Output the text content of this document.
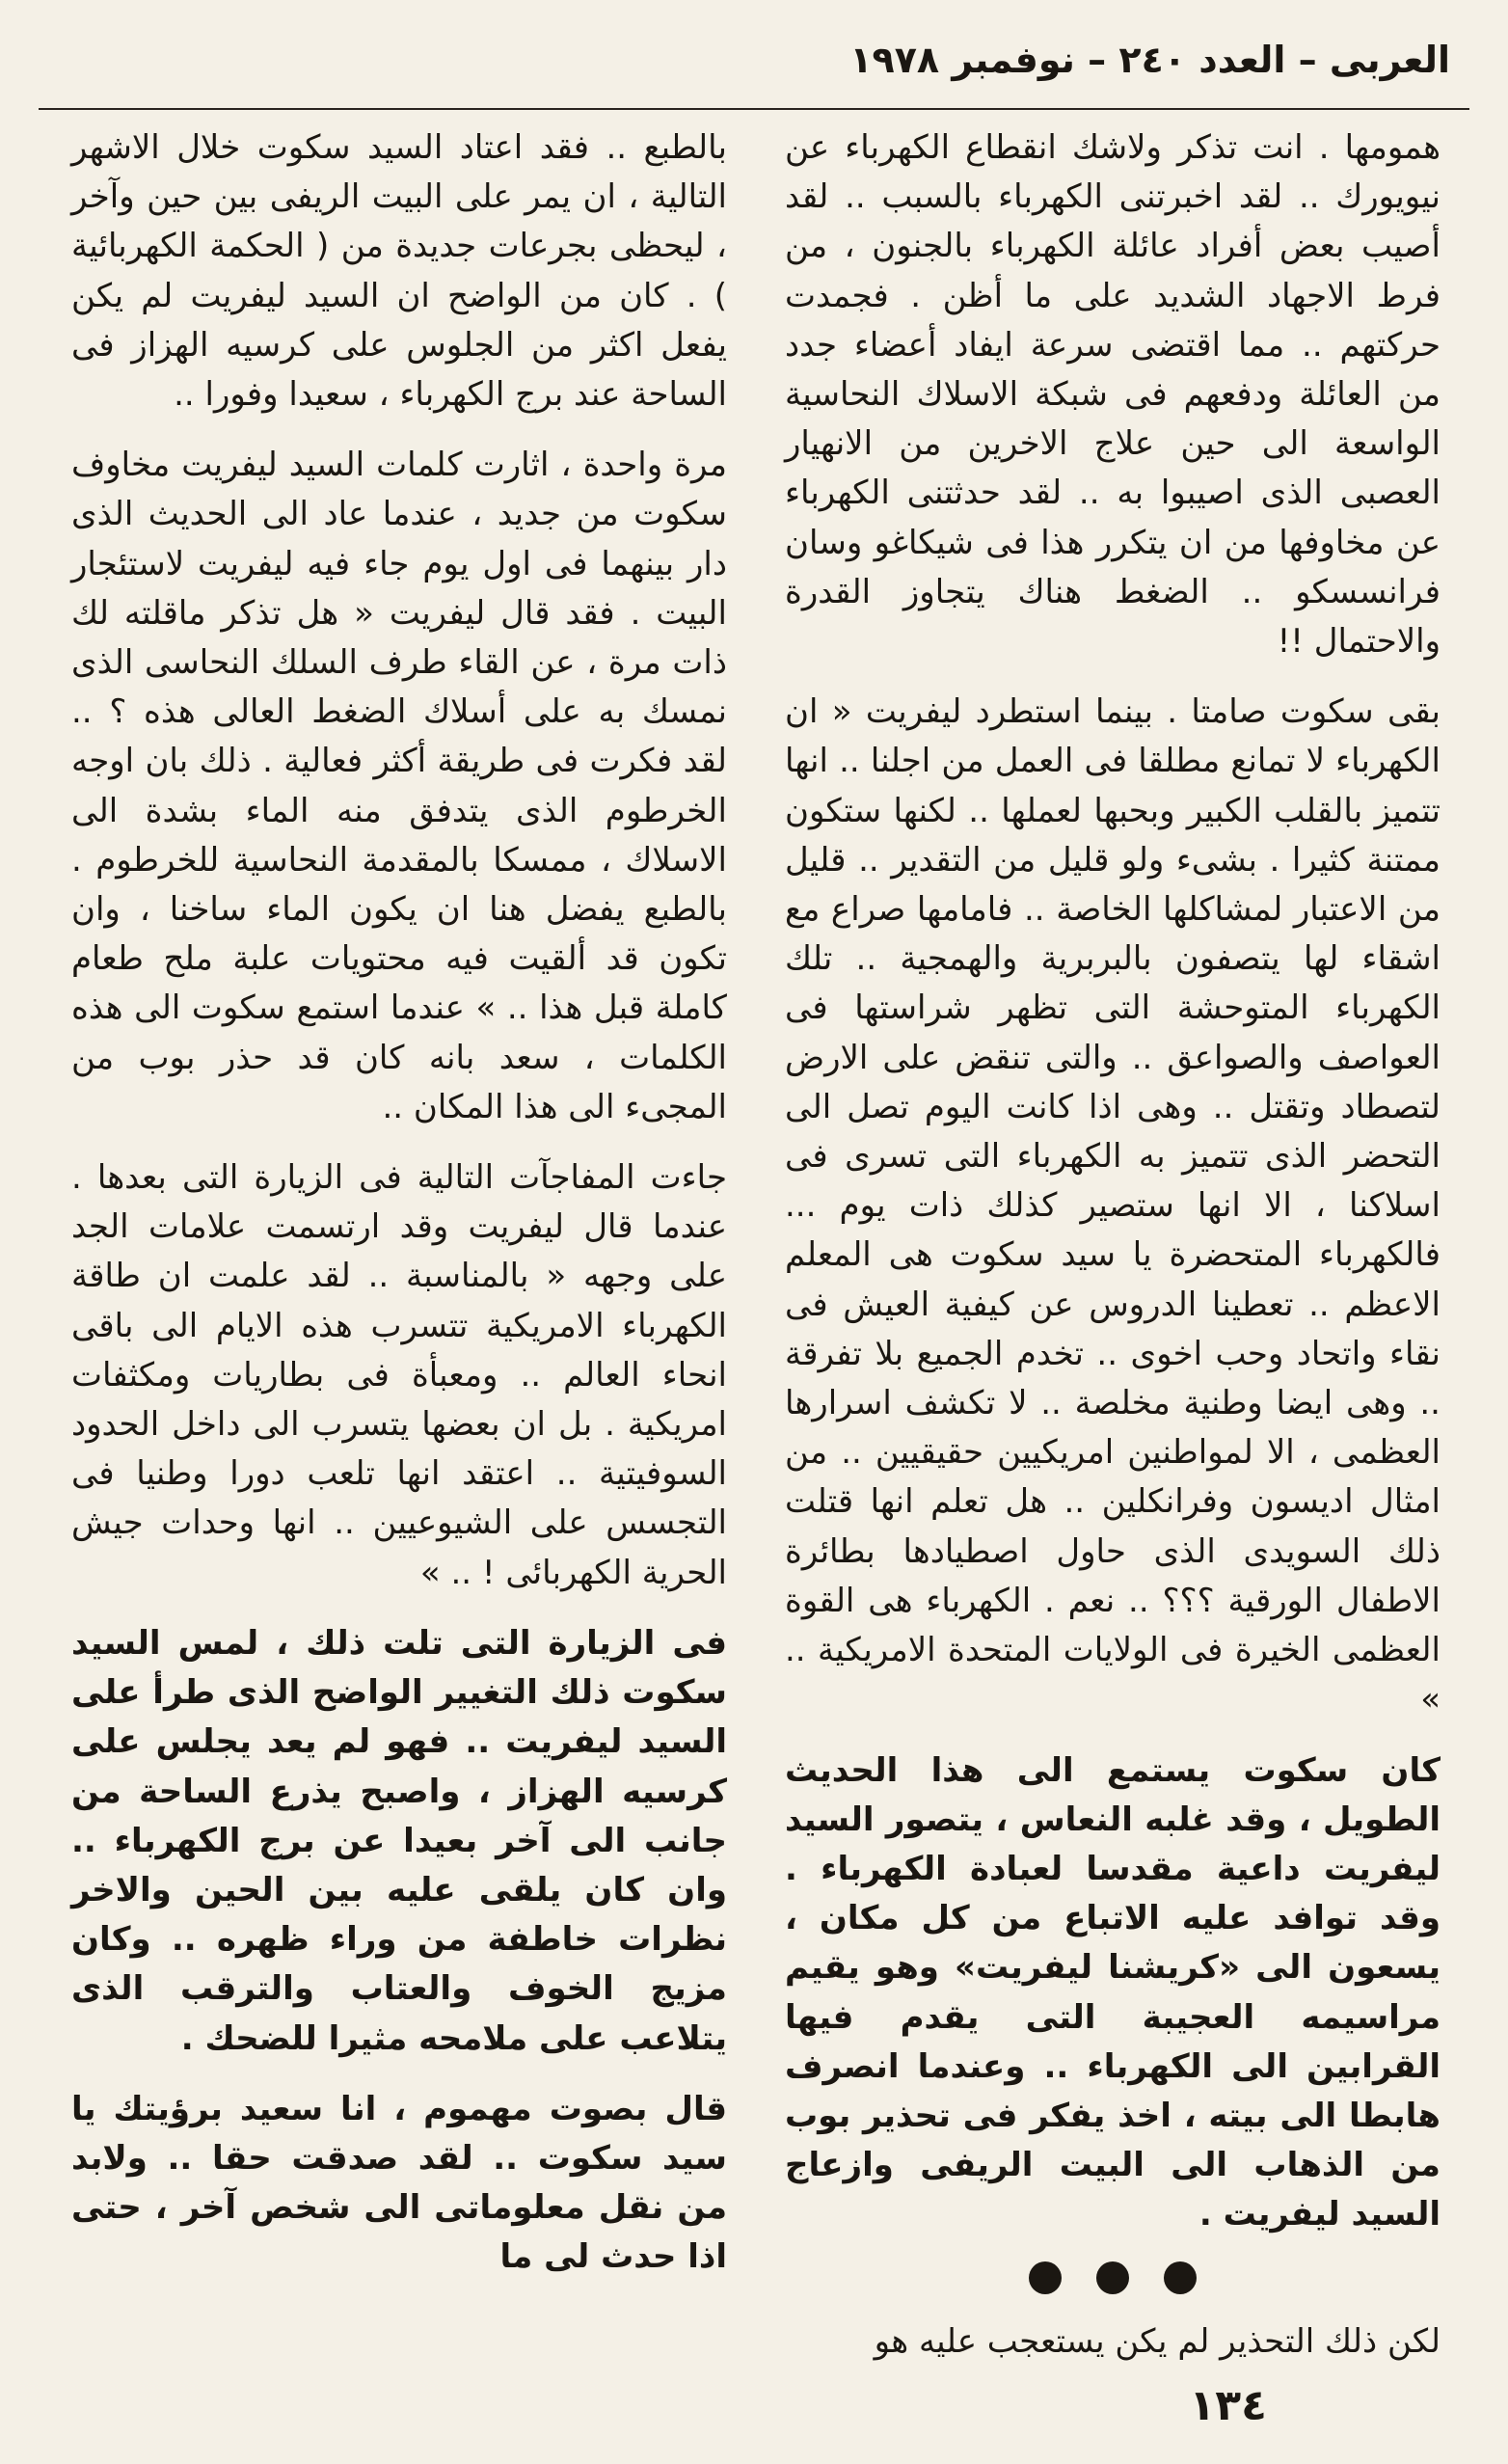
العربى – العدد ٢٤٠ – نوفمبر ١٩٧٨

همومها . انت تذكر ولاشك انقطاع الكهرباء عن نيويورك .. لقد اخبرتنى الكهرباء بالسبب .. لقد أصيب بعض أفراد عائلة الكهرباء بالجنون ، من فرط الاجهاد الشديد على ما أظن . فجمدت حركتهم .. مما اقتضى سرعة ايفاد أعضاء جدد من العائلة ودفعهم فى شبكة الاسلاك النحاسية الواسعة الى حين علاج الاخرين من الانهيار العصبى الذى اصيبوا به .. لقد حدثتنى الكهرباء عن مخاوفها من ان يتكرر هذا فى شيكاغو وسان فرانسسكو .. الضغط هناك يتجاوز القدرة والاحتمال !!

بقى سكوت صامتا . بينما استطرد ليفريت « ان الكهرباء لا تمانع مطلقا فى العمل من اجلنا .. انها تتميز بالقلب الكبير وبحبها لعملها .. لكنها ستكون ممتنة كثيرا . بشىء ولو قليل من التقدير .. قليل من الاعتبار لمشاكلها الخاصة .. فامامها صراع مع اشقاء لها يتصفون بالبربرية والهمجية .. تلك الكهرباء المتوحشة التى تظهر شراستها فى العواصف والصواعق .. والتى تنقض على الارض لتصطاد وتقتل .. وهى اذا كانت اليوم تصل الى التحضر الذى تتميز به الكهرباء التى تسرى فى اسلاكنا ، الا انها ستصير كذلك ذات يوم ... فالكهرباء المتحضرة يا سيد سكوت هى المعلم الاعظم .. تعطينا الدروس عن كيفية العيش فى نقاء واتحاد وحب اخوى .. تخدم الجميع بلا تفرقة .. وهى ايضا وطنية مخلصة .. لا تكشف اسرارها العظمى ، الا لمواطنين امريكيين حقيقيين .. من امثال اديسون وفرانكلين .. هل تعلم انها قتلت ذلك السويدى الذى حاول اصطيادها بطائرة الاطفال الورقية ؟؟؟ .. نعم . الكهرباء هى القوة العظمى الخيرة فى الولايات المتحدة الامريكية .. »

كان سكوت يستمع الى هذا الحديث الطويل ، وقد غلبه النعاس ، يتصور السيد ليفريت داعية مقدسا لعبادة الكهرباء . وقد توافد عليه الاتباع من كل مكان ، يسعون الى «كريشنا ليفريت» وهو يقيم مراسيمه العجيبة التى يقدم فيها القرابين الى الكهرباء .. وعندما انصرف هابطا الى بيته ، اخذ يفكر فى تحذير بوب من الذهاب الى البيت الريفى وازعاج السيد ليفريت .

لكن ذلك التحذير لم يكن يستعجب عليه هو

بالطبع .. فقد اعتاد السيد سكوت خلال الاشهر التالية ، ان يمر على البيت الريفى بين حين وآخر ، ليحظى بجرعات جديدة من ( الحكمة الكهربائية ) . كان من الواضح ان السيد ليفريت لم يكن يفعل اكثر من الجلوس على كرسيه الهزاز فى الساحة عند برج الكهرباء ، سعيدا وفورا ..

مرة واحدة ، اثارت كلمات السيد ليفريت مخاوف سكوت من جديد ، عندما عاد الى الحديث الذى دار بينهما فى اول يوم جاء فيه ليفريت لاستئجار البيت . فقد قال ليفريت « هل تذكر ماقلته لك ذات مرة ، عن القاء طرف السلك النحاسى الذى نمسك به على أسلاك الضغط العالى هذه ؟ .. لقد فكرت فى طريقة أكثر فعالية . ذلك بان اوجه الخرطوم الذى يتدفق منه الماء بشدة الى الاسلاك ، ممسكا بالمقدمة النحاسية للخرطوم . بالطبع يفضل هنا ان يكون الماء ساخنا ، وان تكون قد ألقيت فيه محتويات علبة ملح طعام كاملة قبل هذا .. » عندما استمع سكوت الى هذه الكلمات ، سعد بانه كان قد حذر بوب من المجىء الى هذا المكان ..

جاءت المفاجآت التالية فى الزيارة التى بعدها . عندما قال ليفريت وقد ارتسمت علامات الجد على وجهه « بالمناسبة .. لقد علمت ان طاقة الكهرباء الامريكية تتسرب هذه الايام الى باقى انحاء العالم .. ومعبأة فى بطاريات ومكثفات امريكية . بل ان بعضها يتسرب الى داخل الحدود السوفيتية .. اعتقد انها تلعب دورا وطنيا فى التجسس على الشيوعيين .. انها وحدات جيش الحرية الكهربائى ! .. »

فى الزيارة التى تلت ذلك ، لمس السيد سكوت ذلك التغيير الواضح الذى طرأ على السيد ليفريت .. فهو لم يعد يجلس على كرسيه الهزاز ، واصبح يذرع الساحة من جانب الى آخر بعيدا عن برج الكهرباء .. وان كان يلقى عليه بين الحين والاخر نظرات خاطفة من وراء ظهره .. وكان مزيج الخوف والعتاب والترقب الذى يتلاعب على ملامحه مثيرا للضحك .

قال بصوت مهموم ، انا سعيد برؤيتك يا سيد سكوت .. لقد صدقت حقا .. ولابد من نقل معلوماتى الى شخص آخر ، حتى اذا حدث لى ما

١٣٤
